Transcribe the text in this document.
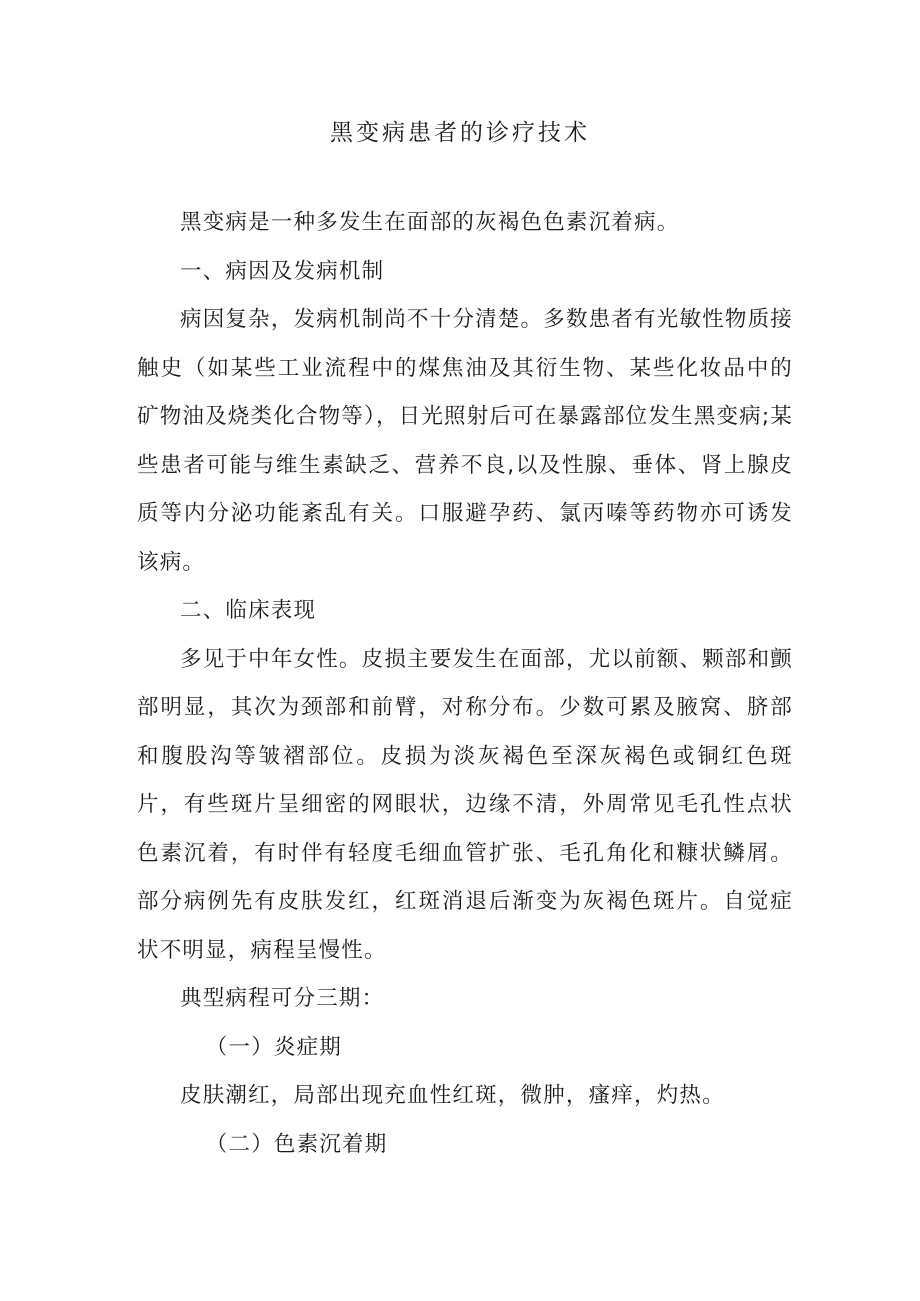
黑变病患者的诊疗技术

黑变病是一种多发生在面部的灰褐色色素沉着病。

一、病因及发病机制

病因复杂，发病机制尚不十分清楚。多数患者有光敏性物质接触史（如某些工业流程中的煤焦油及其衍生物、某些化妆品中的矿物油及烧类化合物等），日光照射后可在暴露部位发生黑变病;某些患者可能与维生素缺乏、营养不良,以及性腺、垂体、肾上腺皮质等内分泌功能紊乱有关。口服避孕药、氯丙嗪等药物亦可诱发该病。

二、临床表现

多见于中年女性。皮损主要发生在面部，尤以前额、颗部和颤部明显，其次为颈部和前臂，对称分布。少数可累及腋窝、脐部和腹股沟等皱褶部位。皮损为淡灰褐色至深灰褐色或铜红色斑片，有些斑片呈细密的网眼状，边缘不清，外周常见毛孔性点状色素沉着，有时伴有轻度毛细血管扩张、毛孔角化和糠状鳞屑。部分病例先有皮肤发红，红斑消退后渐变为灰褐色斑片。自觉症状不明显，病程呈慢性。

典型病程可分三期：

（一）炎症期

皮肤潮红，局部出现充血性红斑，微肿，瘙痒，灼热。

（二）色素沉着期
